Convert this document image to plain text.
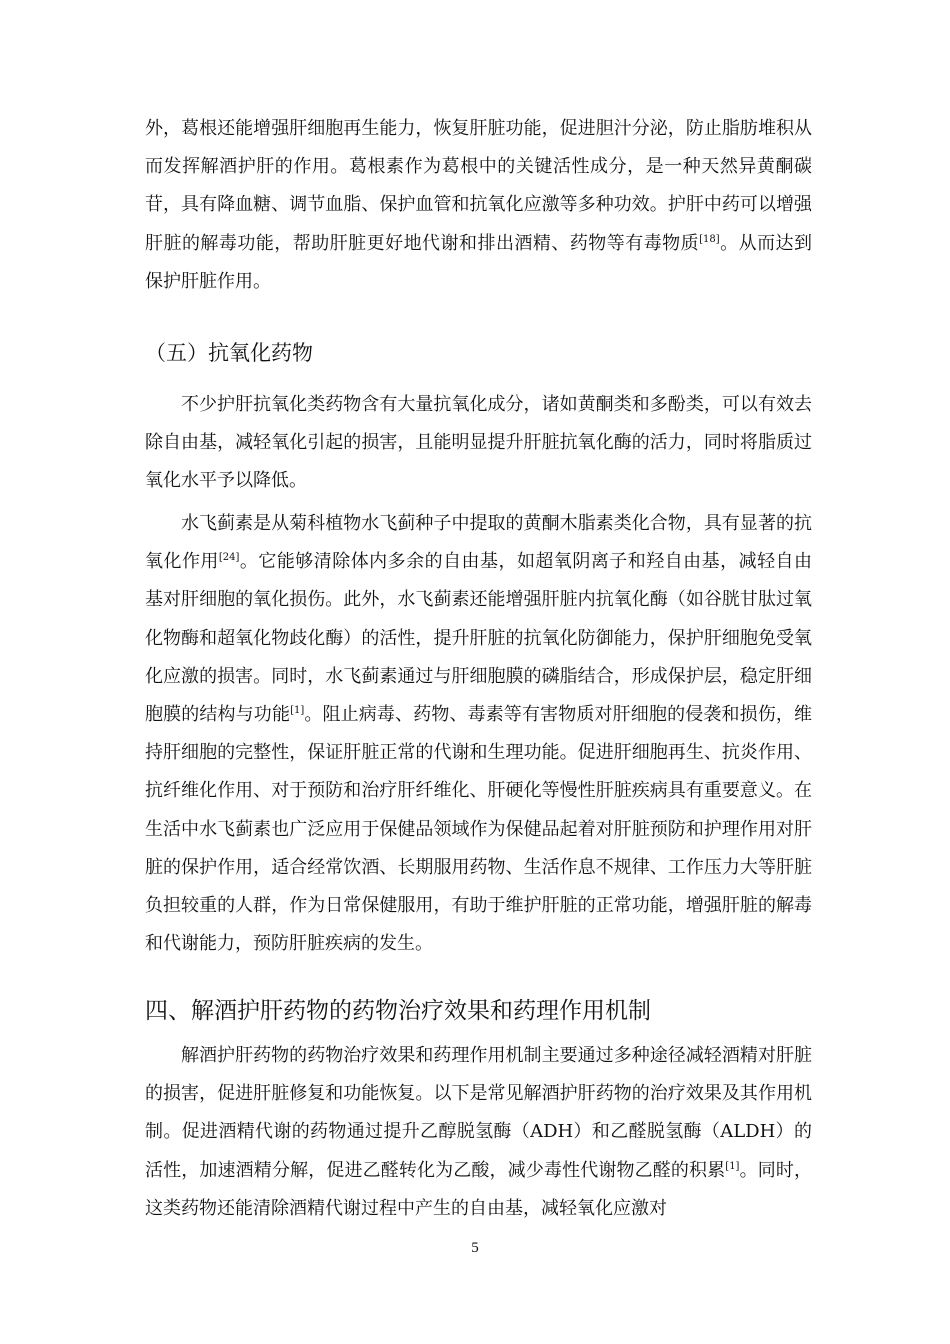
外，葛根还能增强肝细胞再生能力，恢复肝脏功能，促进胆汁分泌，防止脂肪堆积从而发挥解酒护肝的作用。葛根素作为葛根中的关键活性成分，是一种天然异黄酮碳苷，具有降血糖、调节血脂、保护血管和抗氧化应激等多种功效。护肝中药可以增强肝脏的解毒功能，帮助肝脏更好地代谢和排出酒精、药物等有毒物质[18]。从而达到保护肝脏作用。

（五）抗氧化药物

不少护肝抗氧化类药物含有大量抗氧化成分，诸如黄酮类和多酚类，可以有效去除自由基，减轻氧化引起的损害，且能明显提升肝脏抗氧化酶的活力，同时将脂质过氧化水平予以降低。

水飞蓟素是从菊科植物水飞蓟种子中提取的黄酮木脂素类化合物，具有显著的抗氧化作用[24]。它能够清除体内多余的自由基，如超氧阴离子和羟自由基，减轻自由基对肝细胞的氧化损伤。此外，水飞蓟素还能增强肝脏内抗氧化酶（如谷胱甘肽过氧化物酶和超氧化物歧化酶）的活性，提升肝脏的抗氧化防御能力，保护肝细胞免受氧化应激的损害。同时，水飞蓟素通过与肝细胞膜的磷脂结合，形成保护层，稳定肝细胞膜的结构与功能[1]。阻止病毒、药物、毒素等有害物质对肝细胞的侵袭和损伤，维持肝细胞的完整性，保证肝脏正常的代谢和生理功能。促进肝细胞再生、抗炎作用、抗纤维化作用、对于预防和治疗肝纤维化、肝硬化等慢性肝脏疾病具有重要意义。在生活中水飞蓟素也广泛应用于保健品领域作为保健品起着对肝脏预防和护理作用对肝脏的保护作用，适合经常饮酒、长期服用药物、生活作息不规律、工作压力大等肝脏负担较重的人群，作为日常保健服用，有助于维护肝脏的正常功能，增强肝脏的解毒和代谢能力，预防肝脏疾病的发生。

四、解酒护肝药物的药物治疗效果和药理作用机制

解酒护肝药物的药物治疗效果和药理作用机制主要通过多种途径减轻酒精对肝脏的损害，促进肝脏修复和功能恢复。以下是常见解酒护肝药物的治疗效果及其作用机制。促进酒精代谢的药物通过提升乙醇脱氢酶（ADH）和乙醛脱氢酶（ALDH）的活性，加速酒精分解，促进乙醛转化为乙酸，减少毒性代谢物乙醛的积累[1]。同时，这类药物还能清除酒精代谢过程中产生的自由基，减轻氧化应激对

5
